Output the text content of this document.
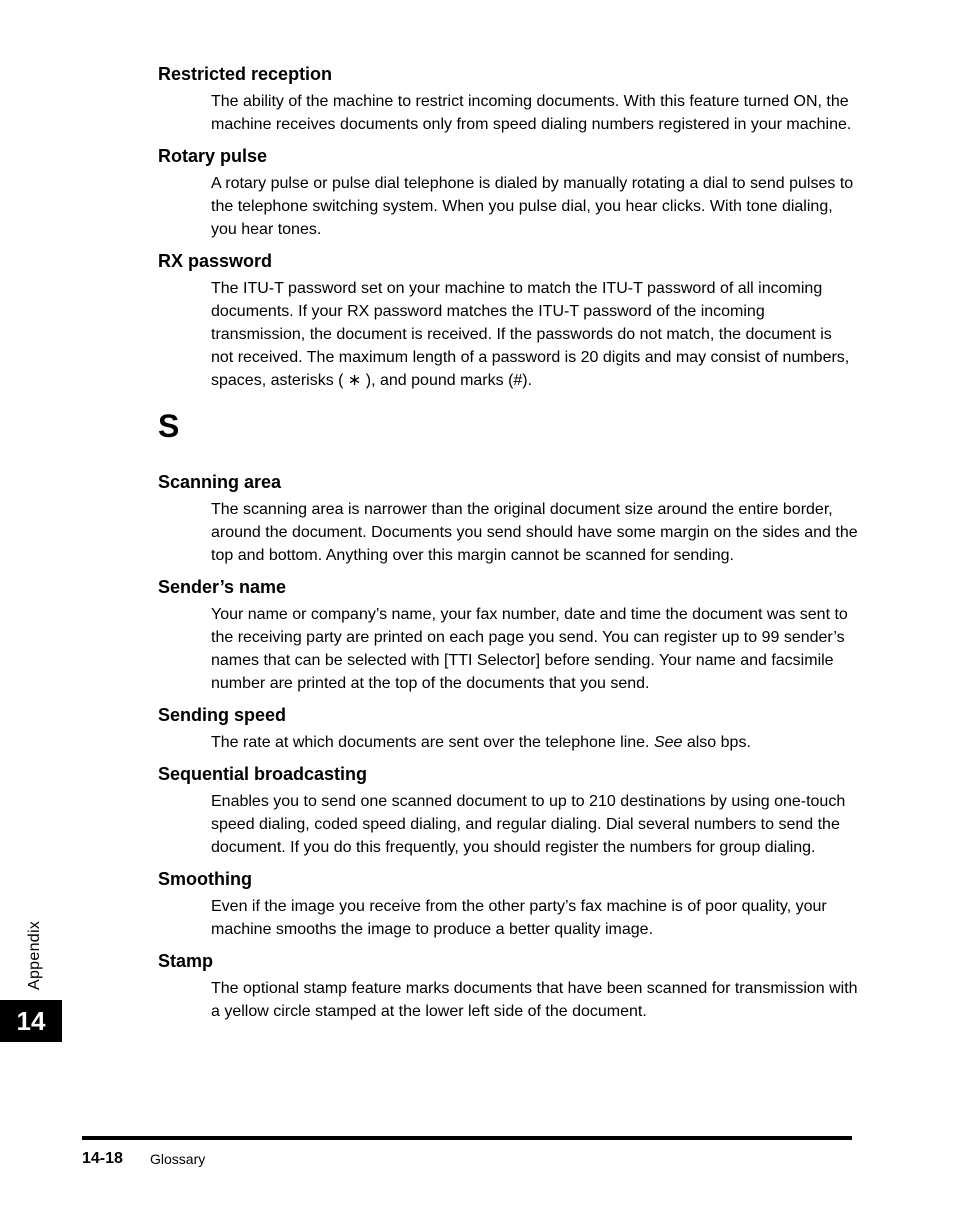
Restricted reception
The ability of the machine to restrict incoming documents. With this feature turned ON, the machine receives documents only from speed dialing numbers registered in your machine.
Rotary pulse
A rotary pulse or pulse dial telephone is dialed by manually rotating a dial to send pulses to the telephone switching system. When you pulse dial, you hear clicks. With tone dialing, you hear tones.
RX password
The ITU-T password set on your machine to match the ITU-T password of all incoming documents. If your RX password matches the ITU-T password of the incoming transmission, the document is received. If the passwords do not match, the document is not received. The maximum length of a password is 20 digits and may consist of numbers, spaces, asterisks ( ∗ ), and pound marks (#).
S
Scanning area
The scanning area is narrower than the original document size around the entire border, around the document. Documents you send should have some margin on the sides and the top and bottom. Anything over this margin cannot be scanned for sending.
Sender’s name
Your name or company’s name, your fax number, date and time the document was sent to the receiving party are printed on each page you send. You can register up to 99 sender’s names that can be selected with [TTI Selector] before sending. Your name and facsimile number are printed at the top of the documents that you send.
Sending speed
The rate at which documents are sent over the telephone line. See also bps.
Sequential broadcasting
Enables you to send one scanned document to up to 210 destinations by using one-touch speed dialing, coded speed dialing, and regular dialing. Dial several numbers to send the document. If you do this frequently, you should register the numbers for group dialing.
Smoothing
Even if the image you receive from the other party’s fax machine is of poor quality, your machine smooths the image to produce a better quality image.
Stamp
The optional stamp feature marks documents that have been scanned for transmission with a yellow circle stamped at the lower left side of the document.
Appendix
14
14-18 Glossary
